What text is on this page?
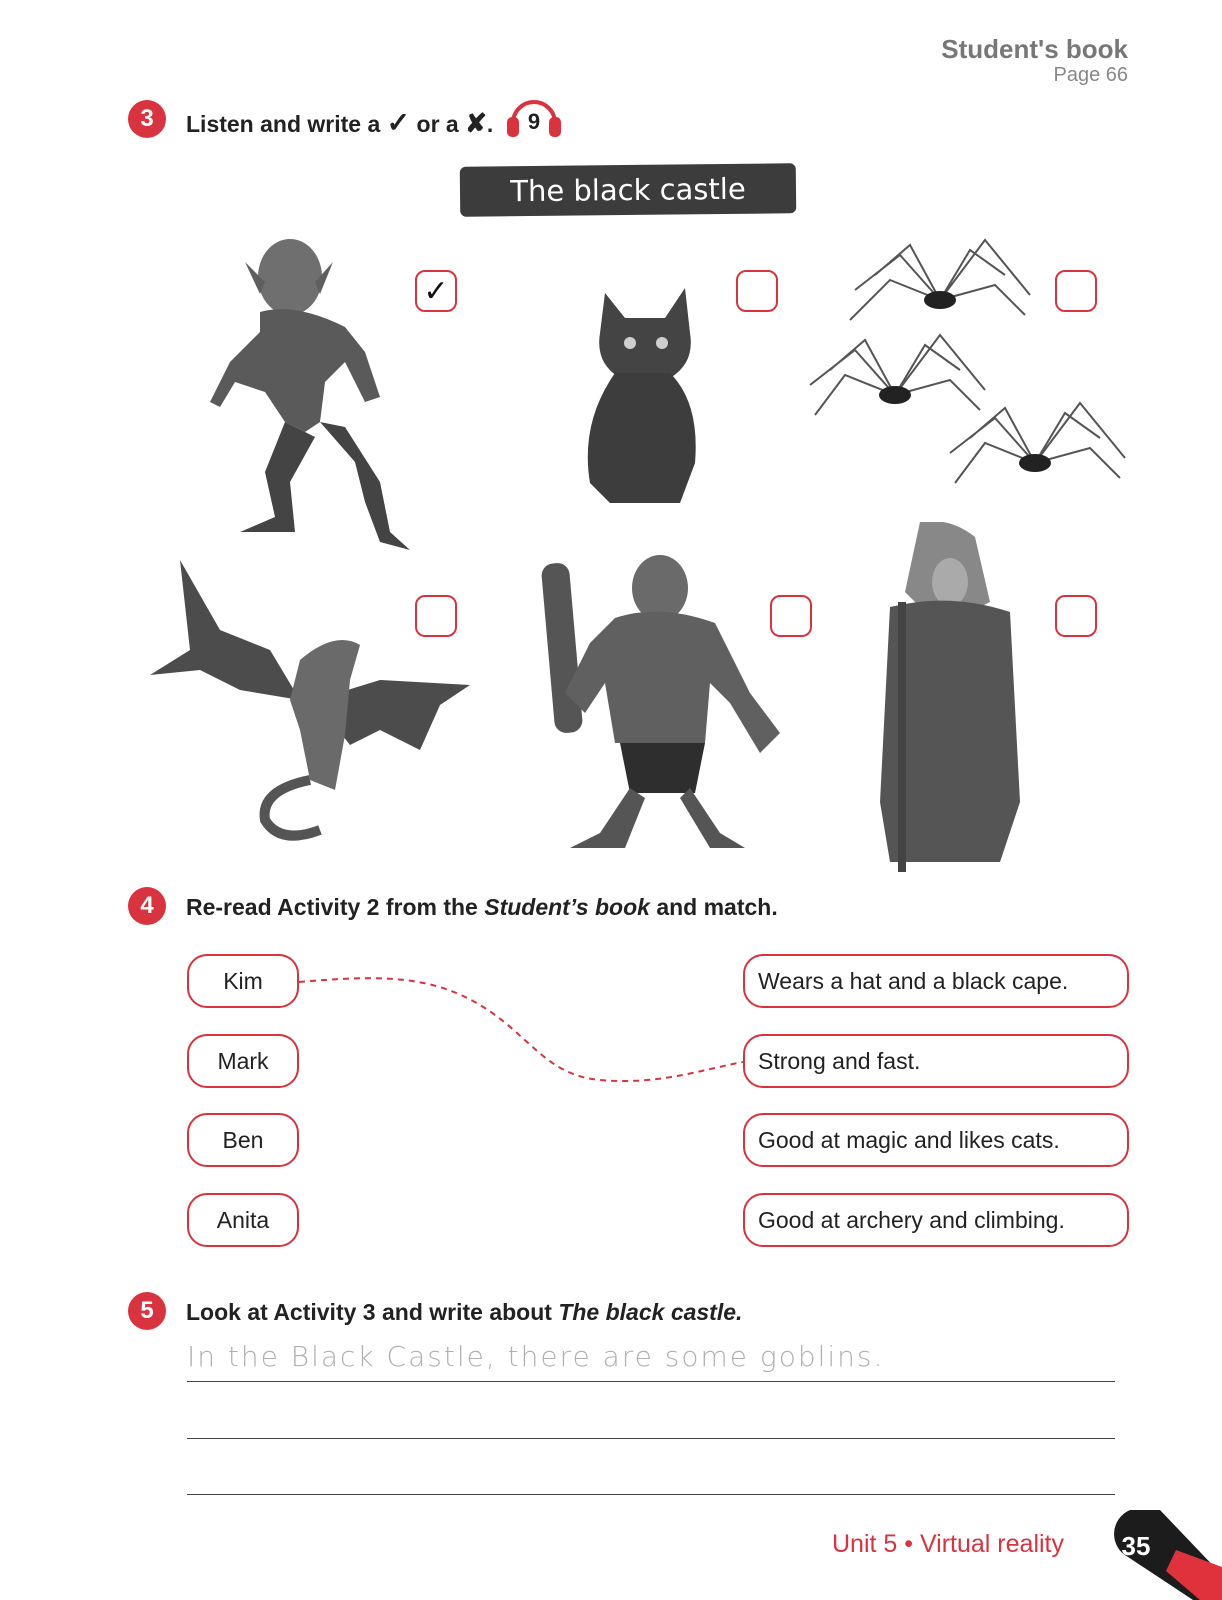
Student's book
Page 66
3	Listen and write a ✓ or a ✘.	9
The black castle
✓
4	Re-read Activity 2 from the Student’s book and match.
Kim
Mark
Ben
Anita
Wears a hat and a black cape.
Strong and fast.
Good at magic and likes cats.
Good at archery and climbing.
5	Look at Activity 3 and write about The black castle.
In the Black Castle, there are some goblins.
Unit 5 • Virtual reality	35
